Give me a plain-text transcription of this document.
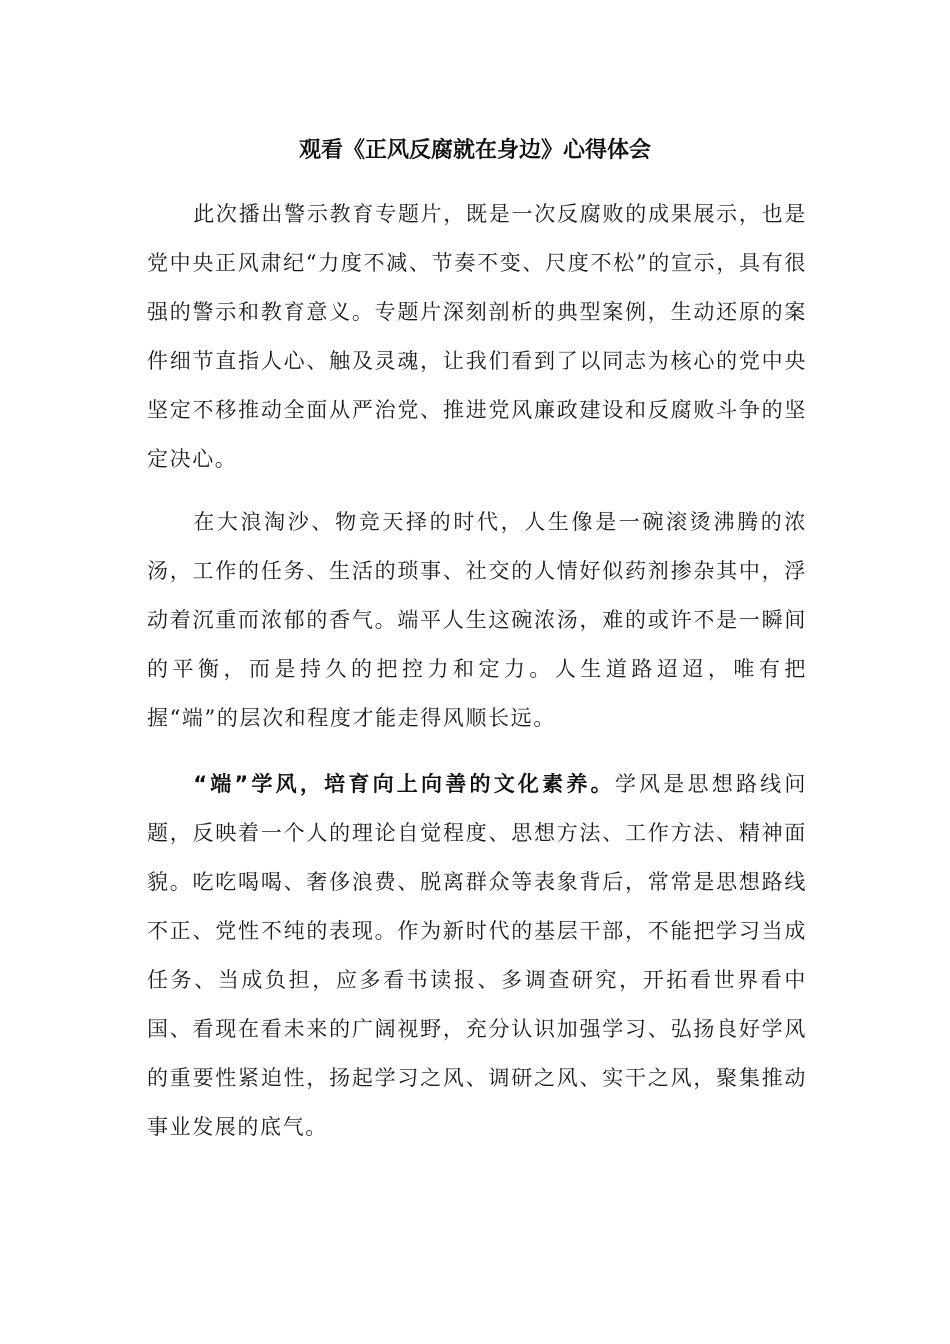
观看《正风反腐就在身边》心得体会

此次播出警示教育专题片，既是一次反腐败的成果展示，也是党中央正风肃纪“力度不减、节奏不变、尺度不松”的宣示，具有很强的警示和教育意义。专题片深刻剖析的典型案例，生动还原的案件细节直指人心、触及灵魂，让我们看到了以同志为核心的党中央坚定不移推动全面从严治党、推进党风廉政建设和反腐败斗争的坚定决心。

在大浪淘沙、物竞天择的时代，人生像是一碗滚烫沸腾的浓汤，工作的任务、生活的琐事、社交的人情好似药剂掺杂其中，浮动着沉重而浓郁的香气。端平人生这碗浓汤，难的或许不是一瞬间的平衡，而是持久的把控力和定力。人生道路迢迢，唯有把握“端”的层次和程度才能走得风顺长远。

“端”学风，培育向上向善的文化素养。学风是思想路线问题，反映着一个人的理论自觉程度、思想方法、工作方法、精神面貌。吃吃喝喝、奢侈浪费、脱离群众等表象背后，常常是思想路线不正、党性不纯的表现。作为新时代的基层干部，不能把学习当成任务、当成负担，应多看书读报、多调查研究，开拓看世界看中国、看现在看未来的广阔视野，充分认识加强学习、弘扬良好学风的重要性紧迫性，扬起学习之风、调研之风、实干之风，聚集推动事业发展的底气。
